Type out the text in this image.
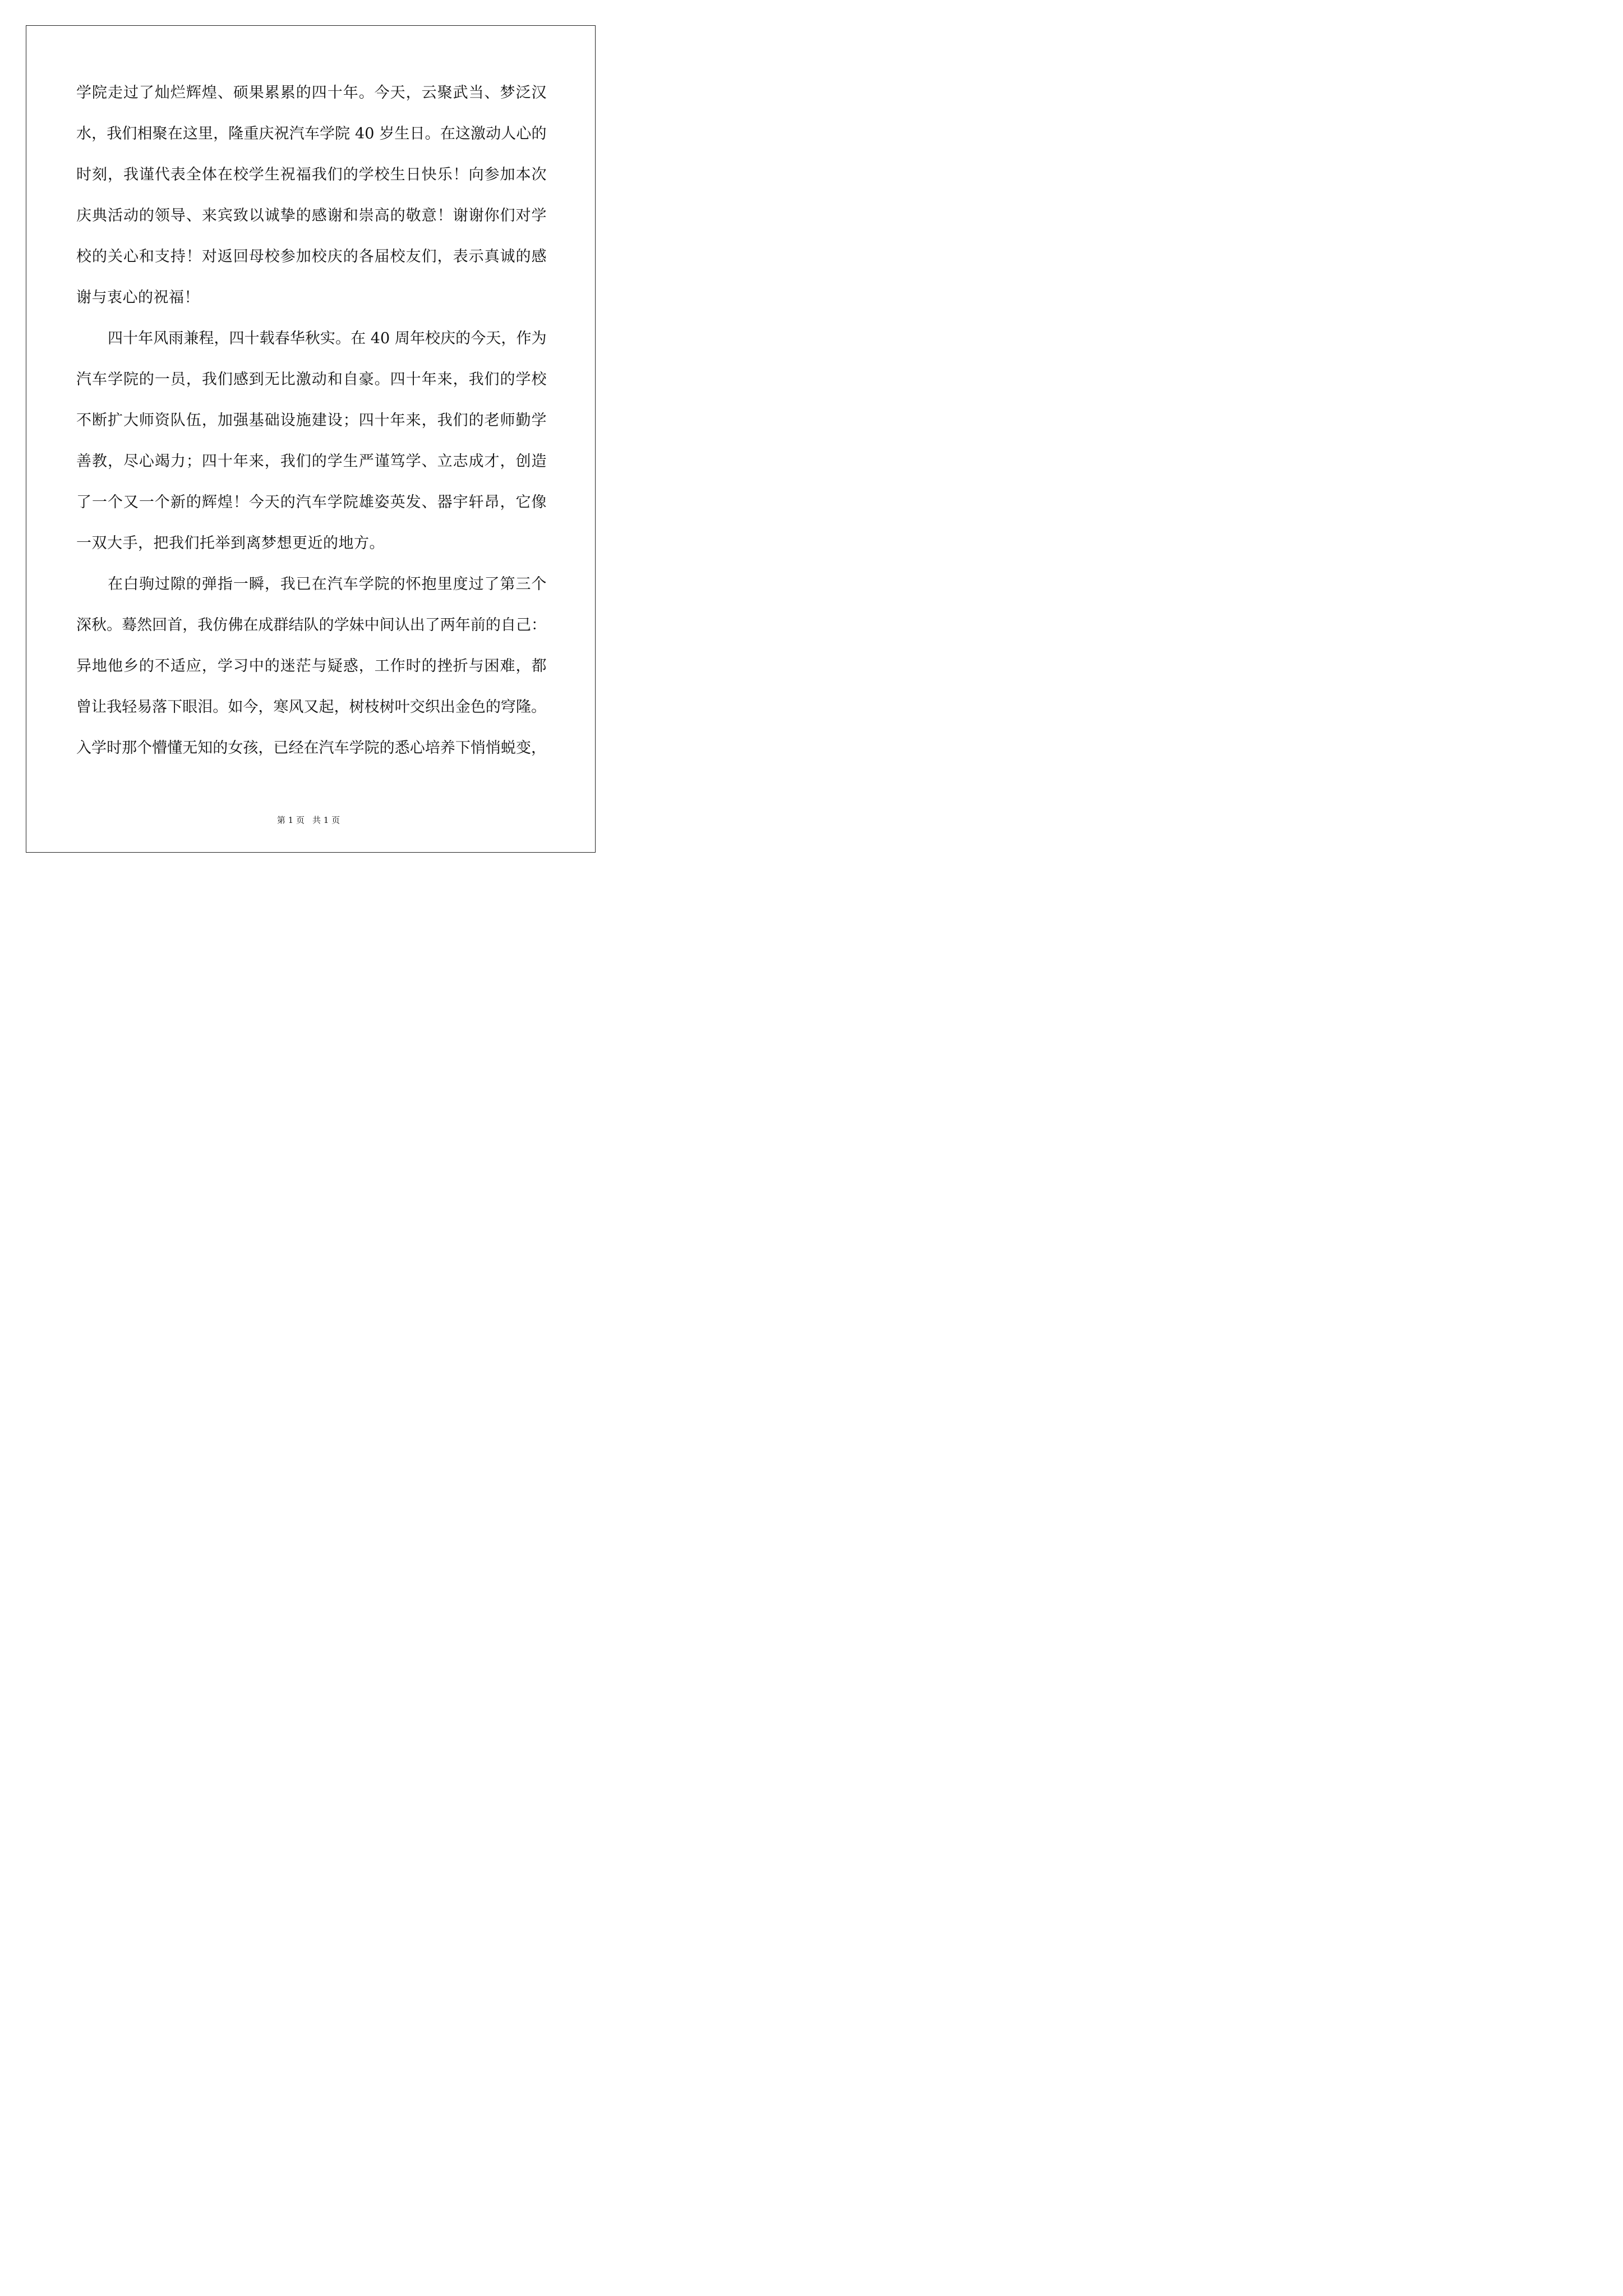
学院走过了灿烂辉煌、硕果累累的四十年。今天，云聚武当、梦泛汉
水，我们相聚在这里，隆重庆祝汽车学院 40 岁生日。在这激动人心的
时刻，我谨代表全体在校学生祝福我们的学校生日快乐！向参加本次
庆典活动的领导、来宾致以诚挚的感谢和崇高的敬意！谢谢你们对学
校的关心和支持！对返回母校参加校庆的各届校友们，表示真诚的感
谢与衷心的祝福！
四十年风雨兼程，四十载春华秋实。在 40 周年校庆的今天，作为
汽车学院的一员，我们感到无比激动和自豪。四十年来，我们的学校
不断扩大师资队伍，加强基础设施建设；四十年来，我们的老师勤学
善教，尽心竭力；四十年来，我们的学生严谨笃学、立志成才，创造
了一个又一个新的辉煌！今天的汽车学院雄姿英发、器宇轩昂，它像
一双大手，把我们托举到离梦想更近的地方。
在白驹过隙的弹指一瞬，我已在汽车学院的怀抱里度过了第三个
深秋。蓦然回首，我仿佛在成群结队的学妹中间认出了两年前的自己：
异地他乡的不适应，学习中的迷茫与疑惑，工作时的挫折与困难，都
曾让我轻易落下眼泪。如今，寒风又起，树枝树叶交织出金色的穹隆。
入学时那个懵懂无知的女孩，已经在汽车学院的悉心培养下悄悄蜕变，
第 1 页 共 1 页
